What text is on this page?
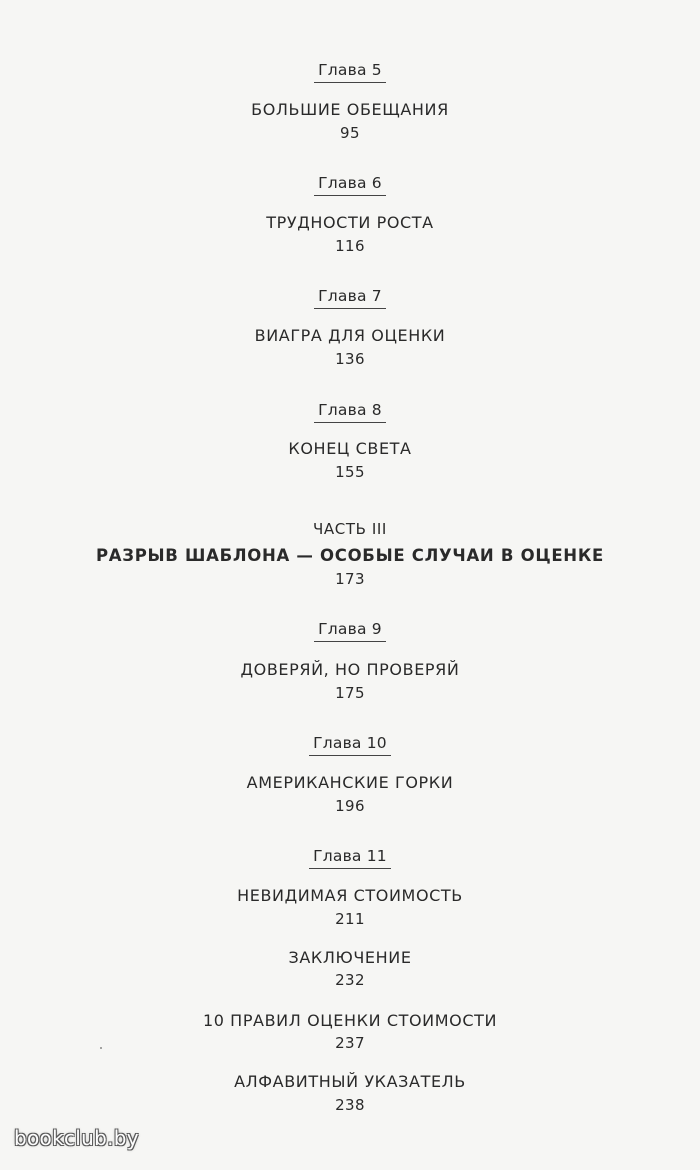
Глава 5
БОЛЬШИЕ ОБЕЩАНИЯ
95
Глава 6
ТРУДНОСТИ РОСТА
116
Глава 7
ВИАГРА ДЛЯ ОЦЕНКИ
136
Глава 8
КОНЕЦ СВЕТА
155
ЧАСТЬ III
РАЗРЫВ ШАБЛОНА — ОСОБЫЕ СЛУЧАИ В ОЦЕНКЕ
173
Глава 9
ДОВЕРЯЙ, НО ПРОВЕРЯЙ
175
Глава 10
АМЕРИКАНСКИЕ ГОРКИ
196
Глава 11
НЕВИДИМАЯ СТОИМОСТЬ
211
ЗАКЛЮЧЕНИЕ
232
10 ПРАВИЛ ОЦЕНКИ СТОИМОСТИ
237
АЛФАВИТНЫЙ УКАЗАТЕЛЬ
238
bookclub.by
